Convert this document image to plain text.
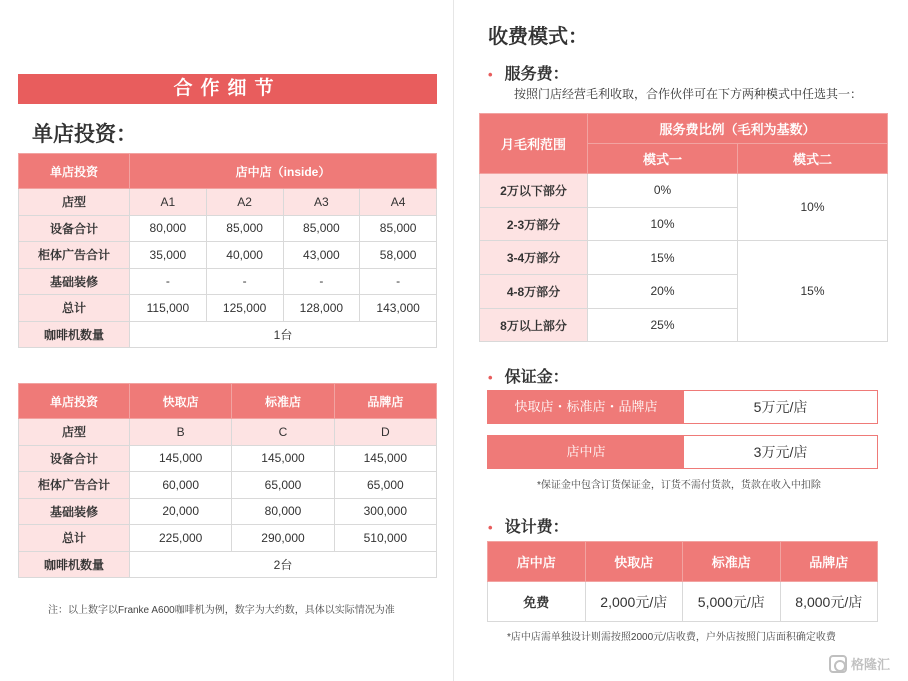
合作细节
单店投资：
单店投资	店中店（inside）			
店型	A1	A2	A3	A4
设备合计	80,000	85,000	85,000	85,000
柜体广告合计	35,000	40,000	43,000	58,000
基础装修	-	-	-	-
总计	115,000	125,000	128,000	143,000
咖啡机数量	1台			
单店投资	快取店	标准店	品牌店
店型	B	C	D
设备合计	145,000	145,000	145,000
柜体广告合计	60,000	65,000	65,000
基础装修	20,000	80,000	300,000
总计	225,000	290,000	510,000
咖啡机数量	2台		
注：以上数字以Franke A600咖啡机为例，数字为大约数，具体以实际情况为准
收费模式：
• 服务费：
按照门店经营毛利收取，合作伙伴可在下方两种模式中任选其一：
月毛利范围	服务费比例（毛利为基数）	
	模式一	模式二
2万以下部分	0%	10%
2-3万部分	10%	
3-4万部分	15%	15%
4-8万部分	20%	
8万以上部分	25%	
• 保证金：
快取店・标准店・品牌店	5万元/店
店中店	3万元/店
*保证金中包含订货保证金，订货不需付货款，货款在收入中扣除
• 设计费：
店中店	快取店	标准店	品牌店
免费	2,000元/店	5,000元/店	8,000元/店
*店中店需单独设计则需按照2000元/店收费，户外店按照门店面积确定收费
格隆汇
